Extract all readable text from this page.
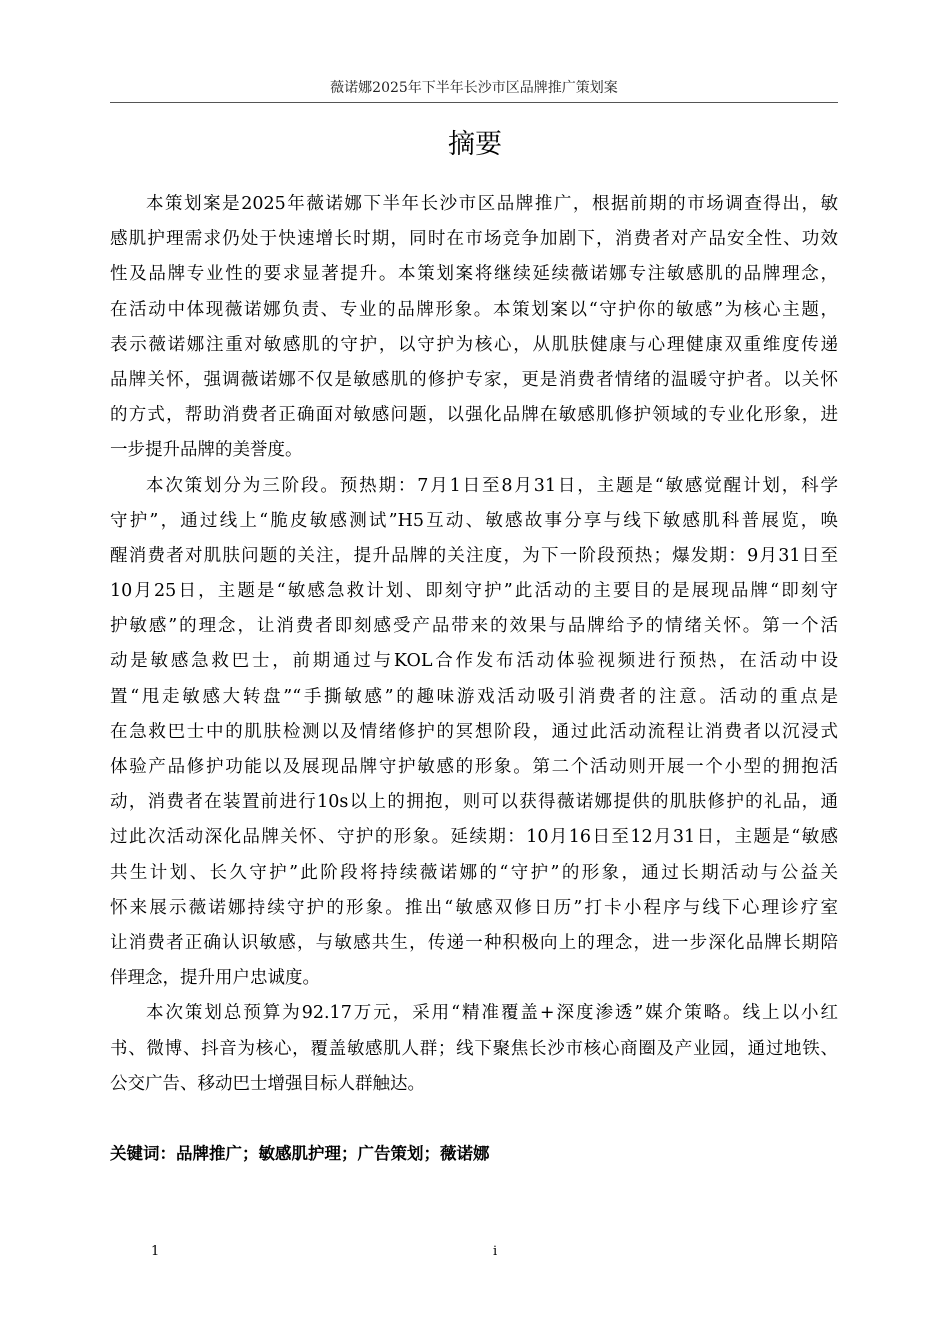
薇诺娜2025年下半年长沙市区品牌推广策划案
摘要
本策划案是2025年薇诺娜下半年长沙市区品牌推广，根据前期的市场调查得出，敏
感肌护理需求仍处于快速增长时期，同时在市场竞争加剧下，消费者对产品安全性、功效
性及品牌专业性的要求显著提升。本策划案将继续延续薇诺娜专注敏感肌的品牌理念，
在活动中体现薇诺娜负责、专业的品牌形象。本策划案以“守护你的敏感”为核心主题，
表示薇诺娜注重对敏感肌的守护，以守护为核心，从肌肤健康与心理健康双重维度传递
品牌关怀，强调薇诺娜不仅是敏感肌的修护专家，更是消费者情绪的温暖守护者。以关怀
的方式，帮助消费者正确面对敏感问题，以强化品牌在敏感肌修护领域的专业化形象，进
一步提升品牌的美誉度。
本次策划分为三阶段。预热期：7月1日至8月31日，主题是“敏感觉醒计划，科学
守护”，通过线上“脆皮敏感测试”H5互动、敏感故事分享与线下敏感肌科普展览，唤
醒消费者对肌肤问题的关注，提升品牌的关注度，为下一阶段预热；爆发期：9月31日至
10月25日，主题是“敏感急救计划、即刻守护”此活动的主要目的是展现品牌“即刻守
护敏感”的理念，让消费者即刻感受产品带来的效果与品牌给予的情绪关怀。第一个活
动是敏感急救巴士，前期通过与KOL合作发布活动体验视频进行预热，在活动中设
置“甩走敏感大转盘”“手撕敏感”的趣味游戏活动吸引消费者的注意。活动的重点是
在急救巴士中的肌肤检测以及情绪修护的冥想阶段，通过此活动流程让消费者以沉浸式
体验产品修护功能以及展现品牌守护敏感的形象。第二个活动则开展一个小型的拥抱活
动，消费者在装置前进行10s以上的拥抱，则可以获得薇诺娜提供的肌肤修护的礼品，通
过此次活动深化品牌关怀、守护的形象。延续期：10月16日至12月31日，主题是“敏感
共生计划、长久守护”此阶段将持续薇诺娜的“守护”的形象，通过长期活动与公益关
怀来展示薇诺娜持续守护的形象。推出“敏感双修日历”打卡小程序与线下心理诊疗室
让消费者正确认识敏感，与敏感共生，传递一种积极向上的理念，进一步深化品牌长期陪
伴理念，提升用户忠诚度。
本次策划总预算为92.17万元，采用“精准覆盖+深度渗透”媒介策略。线上以小红
书、微博、抖音为核心，覆盖敏感肌人群；线下聚焦长沙市核心商圈及产业园，通过地铁、
公交广告、移动巴士增强目标人群触达。
关键词：品牌推广；敏感肌护理；广告策划；薇诺娜
1	i
